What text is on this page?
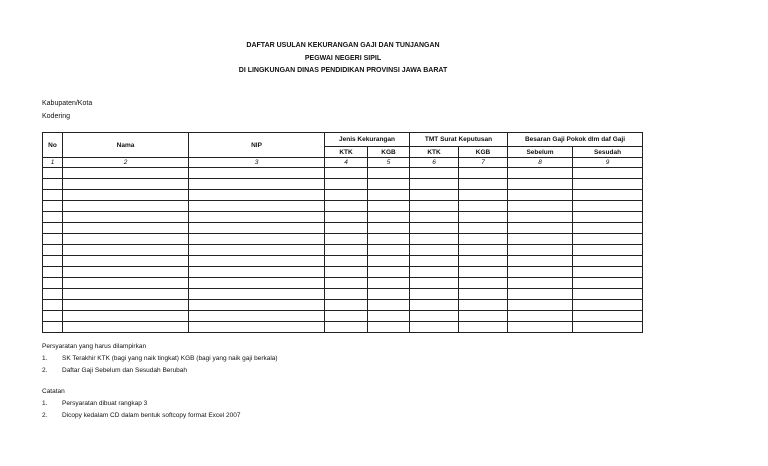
DAFTAR USULAN KEKURANGAN GAJI DAN TUNJANGAN
PEGWAI NEGERI SIPIL
DI LINGKUNGAN DINAS PENDIDIKAN PROVINSI JAWA BARAT
Kabupaten/Kota
Kodering
No	Nama	NIP	Jenis Kekurangan		TMT Surat Keputusan		Besaran Gaji Pokok dlm daf Gaji	
			KTK	KGB	KTK	KGB	Sebelum	Sesudah
1	2	3	4	5	6	7	8	9

Persyaratan yang harus dilampirkan
1. SK Terakhir KTK (bagi yang naik tingkat) KGB (bagi yang naik gaji berkala)
2. Daftar Gaji Sebelum dan Sesudah Berubah
Catatan
1. Persyaratan dibuat rangkap 3
2. Dicopy kedalam CD dalam bentuk softcopy format Excel 2007
